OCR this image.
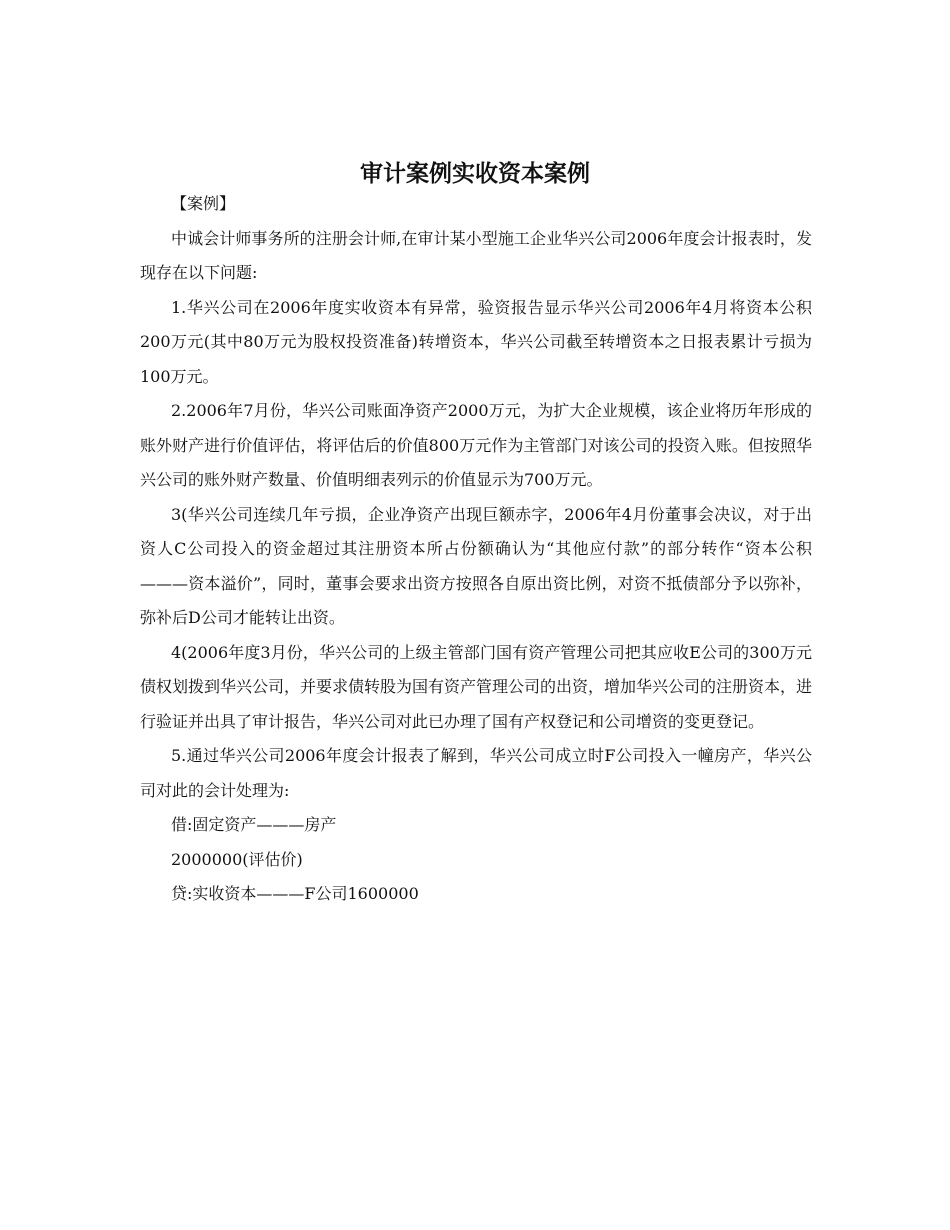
审计案例实收资本案例

【案例】

中诚会计师事务所的注册会计师,在审计某小型施工企业华兴公司2006年度会计报表时，发现存在以下问题:

1.华兴公司在2006年度实收资本有异常，验资报告显示华兴公司2006年4月将资本公积200万元(其中80万元为股权投资准备)转增资本，华兴公司截至转增资本之日报表累计亏损为100万元。

2.2006年7月份，华兴公司账面净资产2000万元，为扩大企业规模，该企业将历年形成的账外财产进行价值评估，将评估后的价值800万元作为主管部门对该公司的投资入账。但按照华兴公司的账外财产数量、价值明细表列示的价值显示为700万元。

3(华兴公司连续几年亏损，企业净资产出现巨额赤字，2006年4月份董事会决议，对于出资人C公司投入的资金超过其注册资本所占份额确认为“其他应付款”的部分转作“资本公积———资本溢价”，同时，董事会要求出资方按照各自原出资比例，对资不抵债部分予以弥补，弥补后D公司才能转让出资。

4(2006年度3月份，华兴公司的上级主管部门国有资产管理公司把其应收E公司的300万元债权划拨到华兴公司，并要求债转股为国有资产管理公司的出资，增加华兴公司的注册资本，进行验证并出具了审计报告，华兴公司对此已办理了国有产权登记和公司增资的变更登记。

5.通过华兴公司2006年度会计报表了解到，华兴公司成立时F公司投入一幢房产，华兴公司对此的会计处理为:

借:固定资产———房产

2000000(评估价)

贷:实收资本———F公司1600000
